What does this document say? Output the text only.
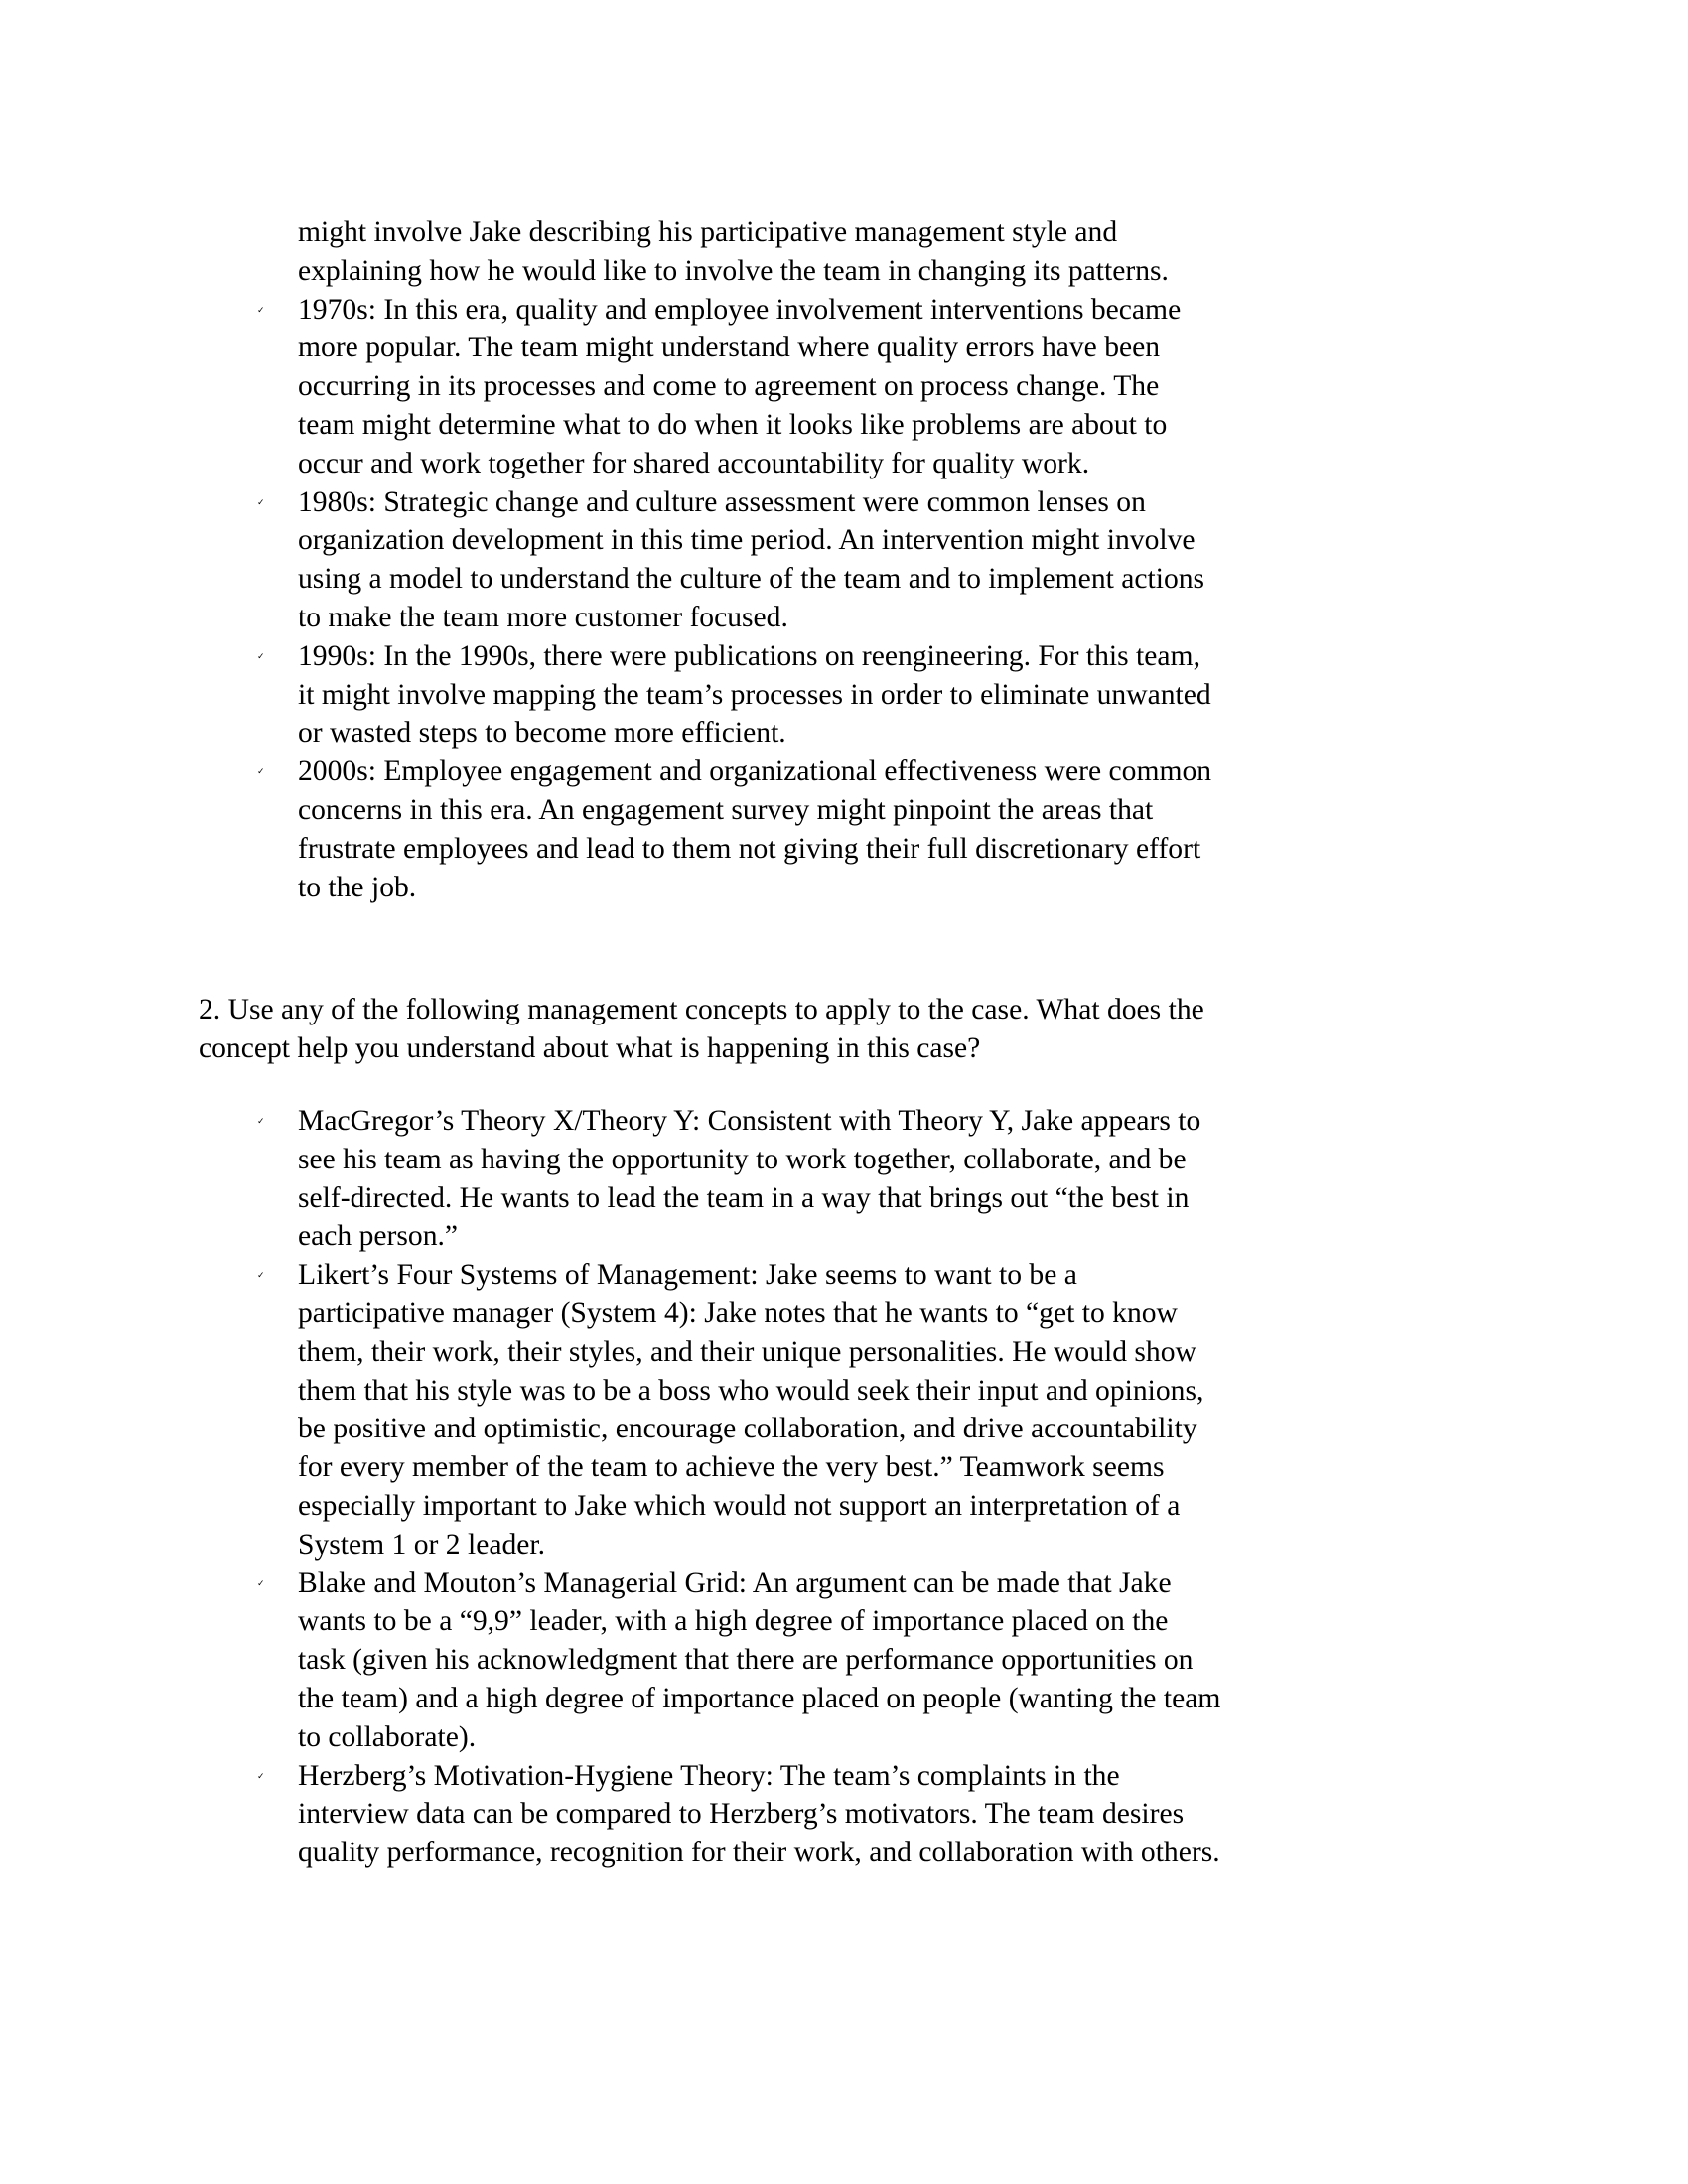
might involve Jake describing his participative management style and
explaining how he would like to involve the team in changing its patterns.
✓ 1970s: In this era, quality and employee involvement interventions became
more popular. The team might understand where quality errors have been
occurring in its processes and come to agreement on process change. The
team might determine what to do when it looks like problems are about to
occur and work together for shared accountability for quality work.
✓ 1980s: Strategic change and culture assessment were common lenses on
organization development in this time period. An intervention might involve
using a model to understand the culture of the team and to implement actions
to make the team more customer focused.
✓ 1990s: In the 1990s, there were publications on reengineering. For this team,
it might involve mapping the team’s processes in order to eliminate unwanted
or wasted steps to become more efficient.
✓ 2000s: Employee engagement and organizational effectiveness were common
concerns in this era. An engagement survey might pinpoint the areas that
frustrate employees and lead to them not giving their full discretionary effort
to the job.
2. Use any of the following management concepts to apply to the case. What does the
concept help you understand about what is happening in this case?
✓ MacGregor’s Theory X/Theory Y: Consistent with Theory Y, Jake appears to
see his team as having the opportunity to work together, collaborate, and be
self-directed. He wants to lead the team in a way that brings out “the best in
each person.”
✓ Likert’s Four Systems of Management: Jake seems to want to be a
participative manager (System 4): Jake notes that he wants to “get to know
them, their work, their styles, and their unique personalities. He would show
them that his style was to be a boss who would seek their input and opinions,
be positive and optimistic, encourage collaboration, and drive accountability
for every member of the team to achieve the very best.” Teamwork seems
especially important to Jake which would not support an interpretation of a
System 1 or 2 leader.
✓ Blake and Mouton’s Managerial Grid: An argument can be made that Jake
wants to be a “9,9” leader, with a high degree of importance placed on the
task (given his acknowledgment that there are performance opportunities on
the team) and a high degree of importance placed on people (wanting the team
to collaborate).
✓ Herzberg’s Motivation-Hygiene Theory: The team’s complaints in the
interview data can be compared to Herzberg’s motivators. The team desires
quality performance, recognition for their work, and collaboration with others.
